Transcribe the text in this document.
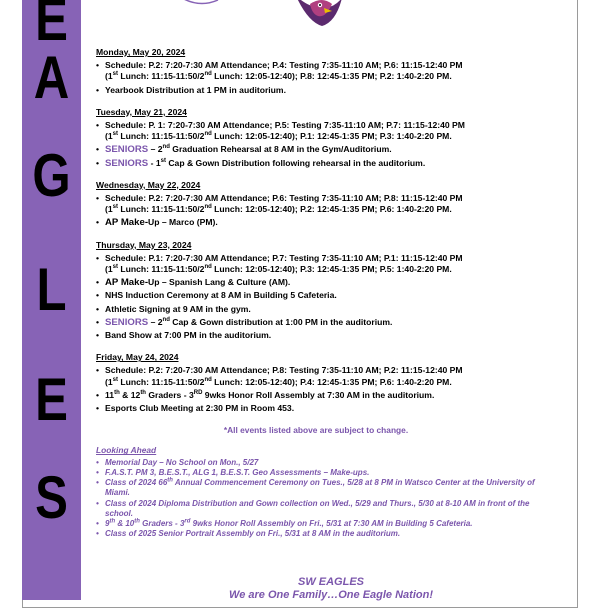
E
A
G
L
E
S
Monday, May 20, 2024
• Schedule: P.2: 7:20-7:30 AM Attendance; P.4: Testing 7:35-11:10 AM; P.6: 11:15-12:40 PM
(1st Lunch: 11:15-11:50/2nd Lunch: 12:05-12:40); P.8: 12:45-1:35 PM; P.2: 1:40-2:20 PM.
• Yearbook Distribution at 1 PM in auditorium.
Tuesday, May 21, 2024
• Schedule: P. 1: 7:20-7:30 AM Attendance; P.5: Testing 7:35-11:10 AM; P.7: 11:15-12:40 PM
(1st Lunch: 11:15-11:50/2nd Lunch: 12:05-12:40); P.1: 12:45-1:35 PM; P.3: 1:40-2:20 PM.
• SENIORS – 2nd Graduation Rehearsal at 8 AM in the Gym/Auditorium.
• SENIORS - 1st Cap & Gown Distribution following rehearsal in the auditorium.
Wednesday, May 22, 2024
• Schedule: P.2: 7:20-7:30 AM Attendance; P.6: Testing 7:35-11:10 AM; P.8: 11:15-12:40 PM
(1st Lunch: 11:15-11:50/2nd Lunch: 12:05-12:40); P.2: 12:45-1:35 PM; P.6: 1:40-2:20 PM.
• AP Make-Up – Marco (PM).
Thursday, May 23, 2024
• Schedule: P.1: 7:20-7:30 AM Attendance; P.7: Testing 7:35-11:10 AM; P.1: 11:15-12:40 PM
(1st Lunch: 11:15-11:50/2nd Lunch: 12:05-12:40); P.3: 12:45-1:35 PM; P.5: 1:40-2:20 PM.
• AP Make-Up – Spanish Lang & Culture (AM).
• NHS Induction Ceremony at 8 AM in Building 5 Cafeteria.
• Athletic Signing at 9 AM in the gym.
• SENIORS – 2nd Cap & Gown distribution at 1:00 PM in the auditorium.
• Band Show at 7:00 PM in the auditorium.
Friday, May 24, 2024
• Schedule: P.2: 7:20-7:30 AM Attendance; P.8: Testing 7:35-11:10 AM; P.2: 11:15-12:40 PM
(1st Lunch: 11:15-11:50/2nd Lunch: 12:05-12:40); P.4: 12:45-1:35 PM; P.6: 1:40-2:20 PM.
• 11th & 12th Graders - 3RD 9wks Honor Roll Assembly at 7:30 AM in the auditorium.
• Esports Club Meeting at 2:30 PM in Room 453.
*All events listed above are subject to change.
Looking Ahead
• Memorial Day – No School on Mon., 5/27
• F.A.S.T. PM 3, B.E.S.T., ALG 1, B.E.S.T. Geo Assessments – Make-ups.
• Class of 2024 66th Annual Commencement Ceremony on Tues., 5/28 at 8 PM in Watsco Center at the University of Miami.
• Class of 2024 Diploma Distribution and Gown collection on Wed., 5/29 and Thurs., 5/30 at 8-10 AM in front of the school.
• 9th & 10th Graders - 3rd 9wks Honor Roll Assembly on Fri., 5/31 at 7:30 AM in Building 5 Cafeteria.
• Class of 2025 Senior Portrait Assembly on Fri., 5/31 at 8 AM in the auditorium.
SW EAGLES
We are One Family…One Eagle Nation!
